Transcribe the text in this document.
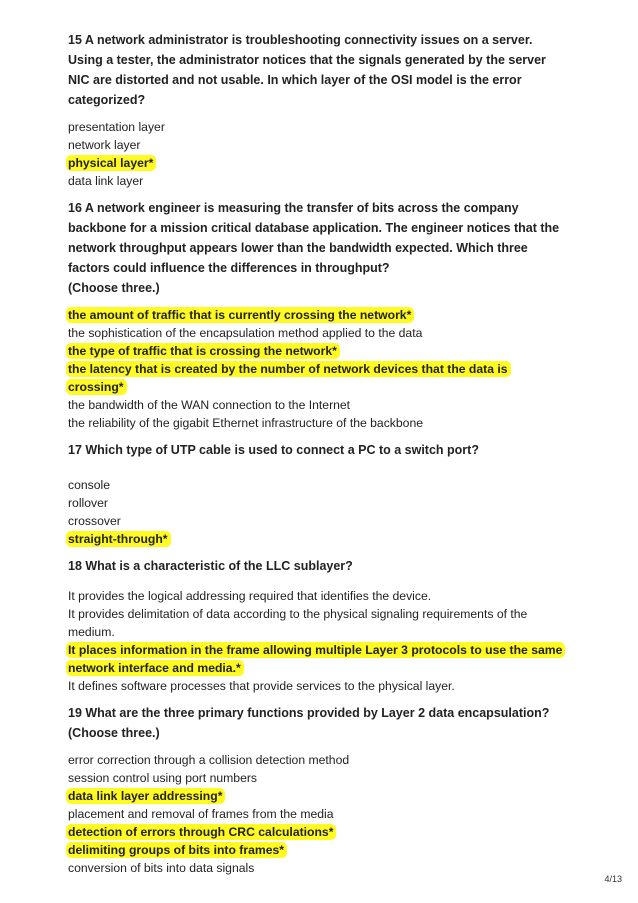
15 A network administrator is troubleshooting connectivity issues on a server. Using a tester, the administrator notices that the signals generated by the server NIC are distorted and not usable. In which layer of the OSI model is the error categorized?

presentation layer
network layer
physical layer*
data link layer

16 A network engineer is measuring the transfer of bits across the company backbone for a mission critical database application. The engineer notices that the network throughput appears lower than the bandwidth expected. Which three factors could influence the differences in throughput?

(Choose three.)

the amount of traffic that is currently crossing the network*
the sophistication of the encapsulation method applied to the data
the type of traffic that is crossing the network*
the latency that is created by the number of network devices that the data is crossing*
the bandwidth of the WAN connection to the Internet
the reliability of the gigabit Ethernet infrastructure of the backbone

17 Which type of UTP cable is used to connect a PC to a switch port?

console
rollover
crossover
straight-through*

18 What is a characteristic of the LLC sublayer?

It provides the logical addressing required that identifies the device.
It provides delimitation of data according to the physical signaling requirements of the medium.
It places information in the frame allowing multiple Layer 3 protocols to use the same network interface and media.*
It defines software processes that provide services to the physical layer.

19 What are the three primary functions provided by Layer 2 data encapsulation?

(Choose three.)

error correction through a collision detection method
session control using port numbers
data link layer addressing*
placement and removal of frames from the media
detection of errors through CRC calculations*
delimiting groups of bits into frames*
conversion of bits into data signals
4/13
